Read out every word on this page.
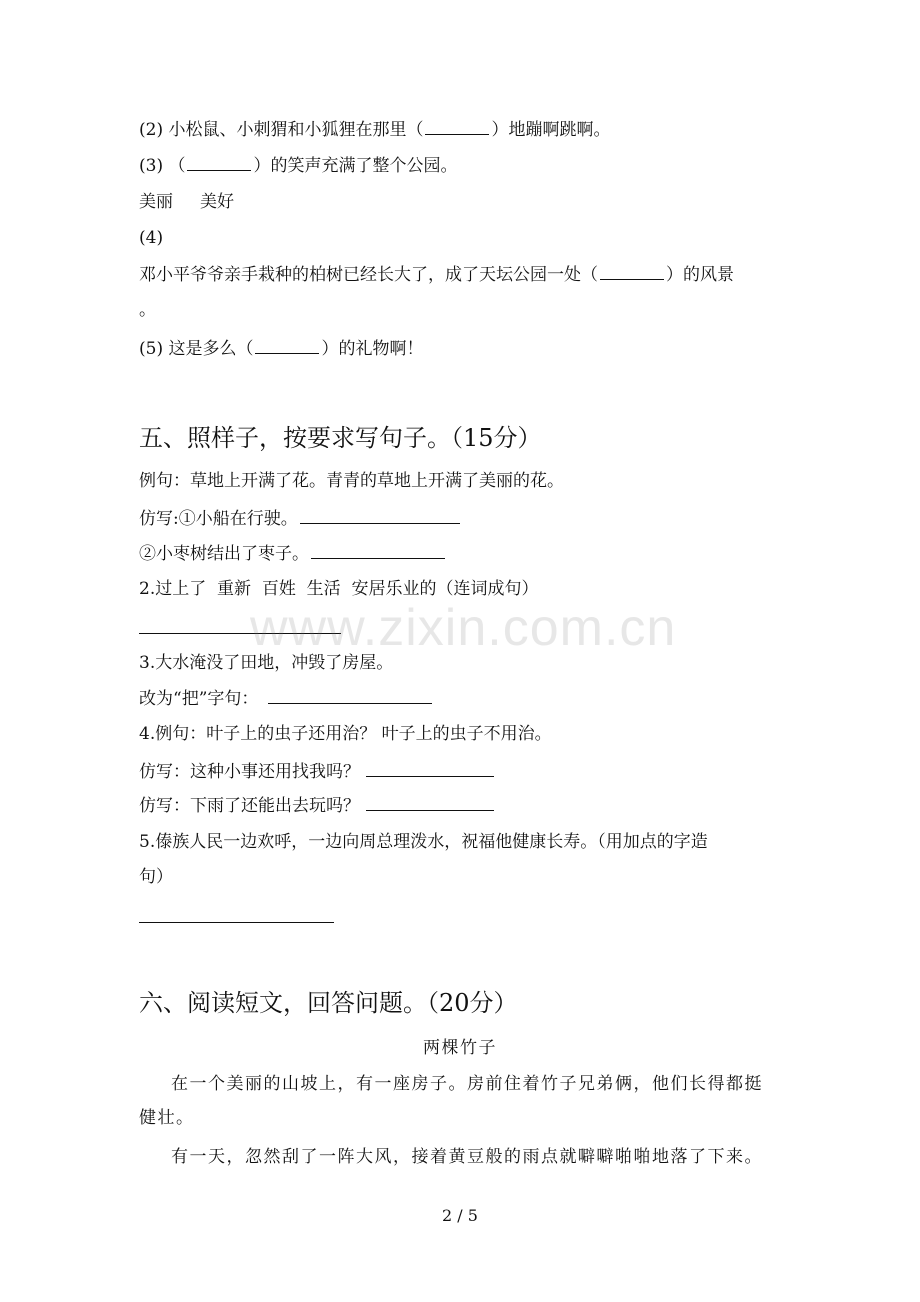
(2) 小松鼠、小刺猬和小狐狸在那里（	）地蹦啊跳啊。
(3) （	）的笑声充满了整个公园。
美丽     美好
(4)
邓小平爷爷亲手栽种的柏树已经长大了，成了天坛公园一处（	）的风景
。
(5) 这是多么（	）的礼物啊！
五、照样子，按要求写句子。（15分）
例句：草地上开满了花。青青的草地上开满了美丽的花。
仿写:①小船在行驶。
②小枣树结出了枣子。
2.过上了  重新  百姓  生活  安居乐业的（连词成句）
3.大水淹没了田地，冲毁了房屋。
改为“把”字句：
4.例句：叶子上的虫子还用治？ 叶子上的虫子不用治。
仿写：这种小事还用找我吗？
仿写：下雨了还能出去玩吗？
5.傣族人民一边欢呼，一边向周总理泼水，祝福他健康长寿。（用加点的字造
句）
六、阅读短文，回答问题。（20分）
两棵竹子
在一个美丽的山坡上，有一座房子。房前住着竹子兄弟俩，他们长得都挺
健壮。
有一天，忽然刮了一阵大风，接着黄豆般的雨点就噼噼啪啪地落了下来。
www.zixin.com.cn
2 / 5
